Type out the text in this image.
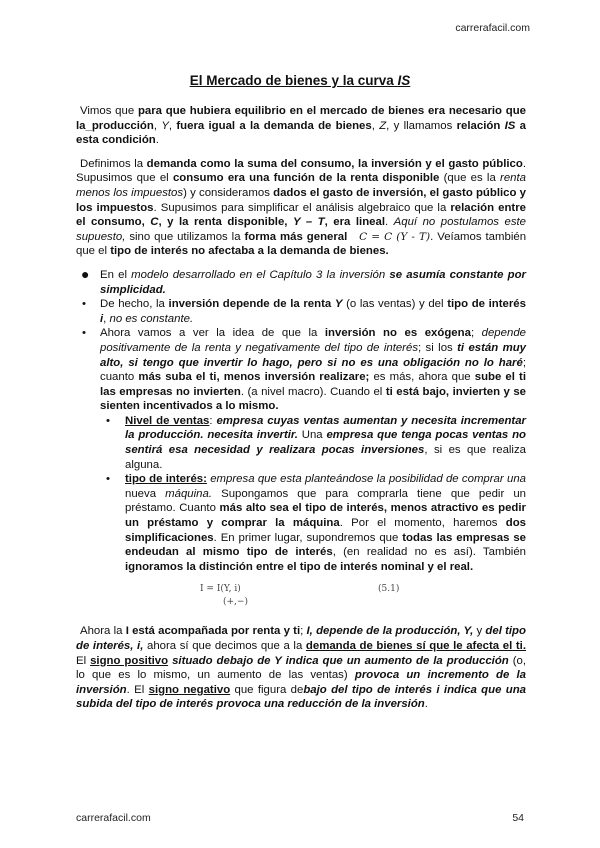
carrerafacil.com
El Mercado de bienes y la curva IS

Vimos que para que hubiera equilibrio en el mercado de bienes era necesario que la_producción, Y, fuera igual a la demanda de bienes, Z, y llamamos relación IS a esta condición.

Definimos la demanda como la suma del consumo, la inversión y el gasto público. Supusimos que el consumo era una función de la renta disponible (que es la renta menos los impuestos) y consideramos dados el gasto de inversión, el gasto público y los impuestos. Supusimos para simplificar el análisis algebraico que la relación entre el consumo, C, y la renta disponible, Y – T, era lineal. Aquí no postulamos este supuesto, sino que utilizamos la forma más general C = C (Y - T). Veíamos también que el tipo de interés no afectaba a la demanda de bienes.

● En el modelo desarrollado en el Capítulo 3 la inversión se asumía constante por simplicidad.
• De hecho, la inversión depende de la renta Y (o las ventas) y del tipo de interés i, no es constante.
• Ahora vamos a ver la idea de que la inversión no es exógena; depende positivamente de la renta y negativamente del tipo de interés; si los ti están muy alto, si tengo que invertir lo hago, pero si no es una obligación no lo haré; cuanto más suba el ti, menos inversión realizare; es más, ahora que sube el ti las empresas no invierten. (a nivel macro). Cuando el ti está bajo, invierten y se sienten incentivados a lo mismo.
• Nivel de ventas: empresa cuyas ventas aumentan y necesita incrementar la producción. necesita invertir. Una empresa que tenga pocas ventas no sentirá esa necesidad y realizara pocas inversiones, si es que realiza alguna.
• tipo de interés: empresa que esta planteándose la posibilidad de comprar una nueva máquina. Supongamos que para comprarla tiene que pedir un préstamo. Cuanto más alto sea el tipo de interés, menos atractivo es pedir un préstamo y comprar la máquina. Por el momento, haremos dos simplificaciones. En primer lugar, supondremos que todas las empresas se endeudan al mismo tipo de interés, (en realidad no es así). También ignoramos la distinción entre el tipo de interés nominal y el real.
I = I(Y, i)
(+,−)
(5.1)

Ahora la I está acompañada por renta y ti; I, depende de la producción, Y, y del tipo de interés, i, ahora sí que decimos que a la demanda de bienes sí que le afecta el ti. El signo positivo situado debajo de Y indica que un aumento de la producción (o, lo que es lo mismo, un aumento de las ventas) provoca un incremento de la inversión. El signo negativo que figura debajo del tipo de interés i indica que una subida del tipo de interés provoca una reducción de la inversión.

carrerafacil.com	54
